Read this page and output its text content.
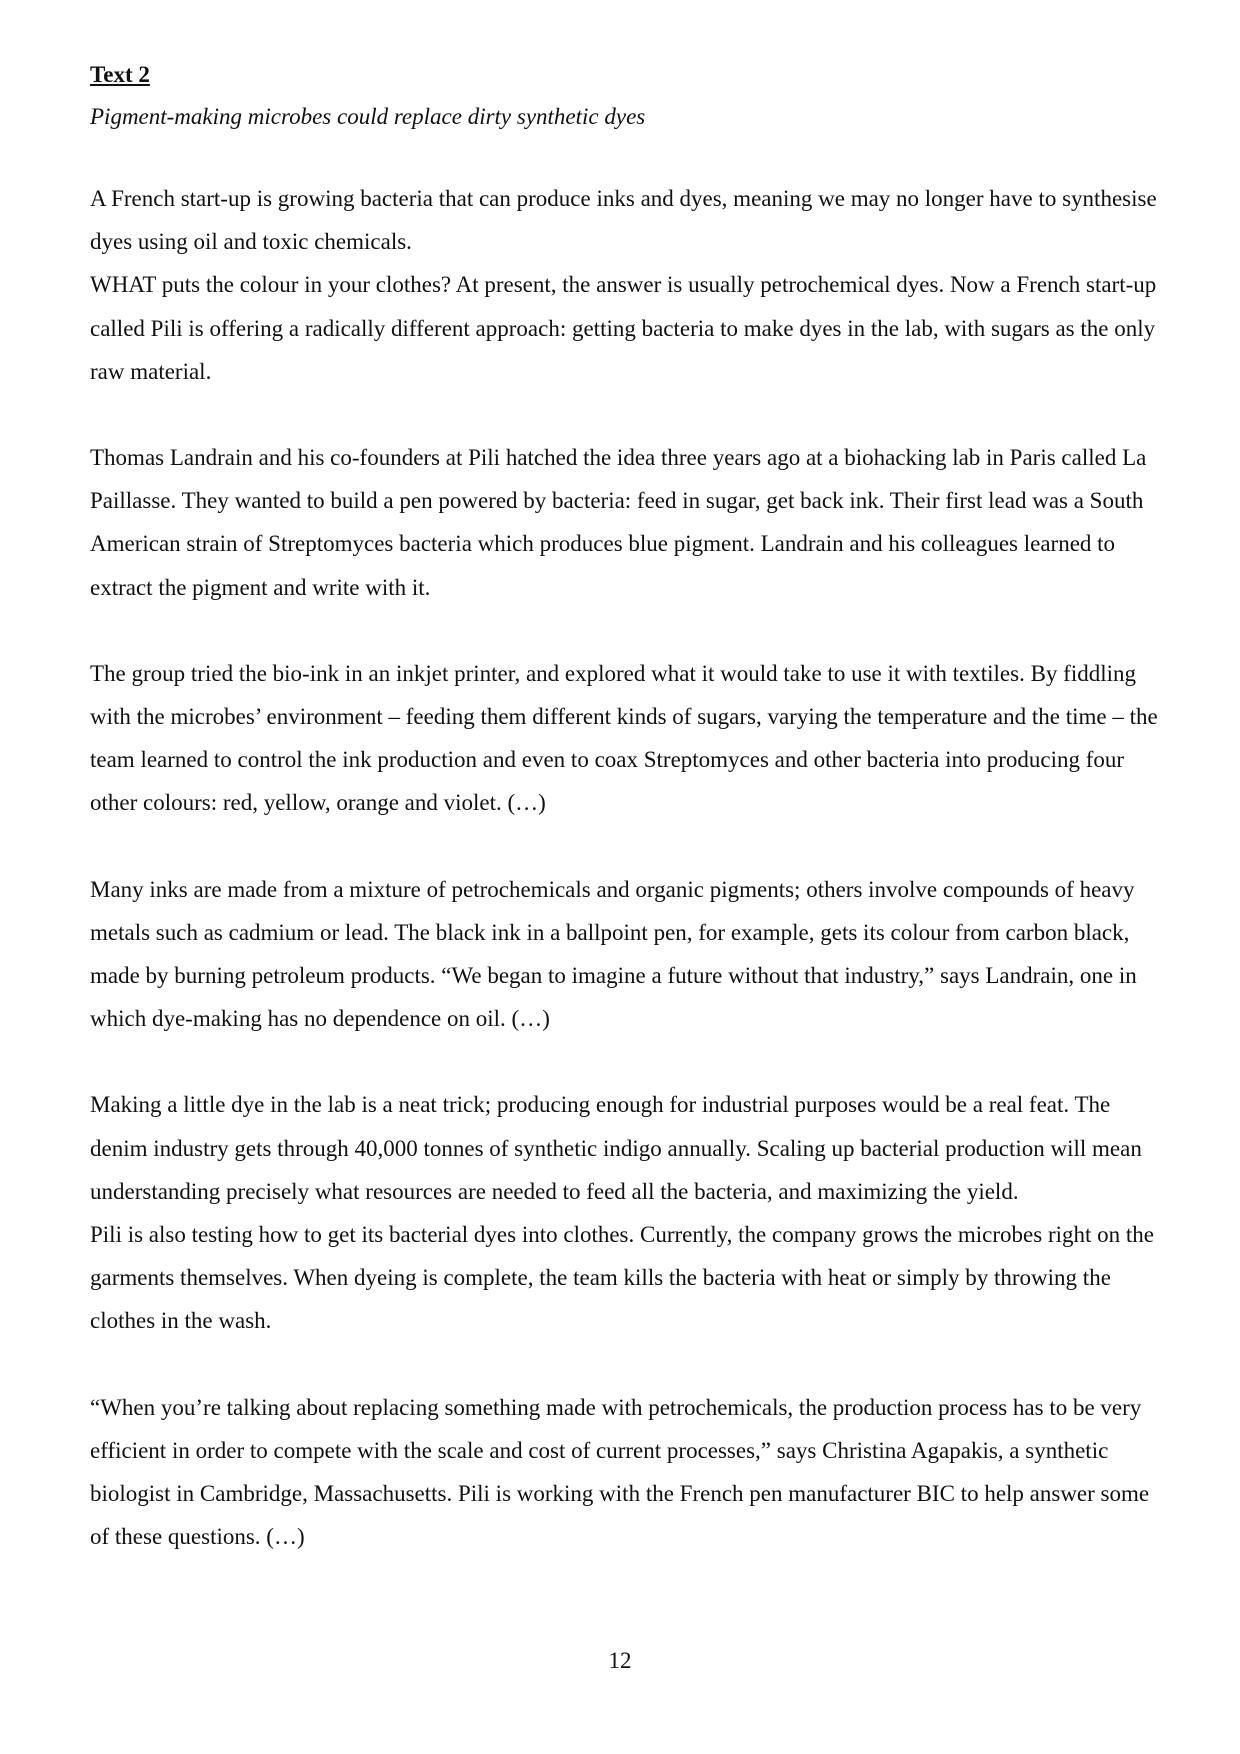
Text 2
Pigment-making microbes could replace dirty synthetic dyes

A French start-up is growing bacteria that can produce inks and dyes, meaning we may no longer have to synthesise dyes using oil and toxic chemicals.

WHAT puts the colour in your clothes? At present, the answer is usually petrochemical dyes. Now a French start-up called Pili is offering a radically different approach: getting bacteria to make dyes in the lab, with sugars as the only raw material.

Thomas Landrain and his co-founders at Pili hatched the idea three years ago at a biohacking lab in Paris called La Paillasse. They wanted to build a pen powered by bacteria: feed in sugar, get back ink. Their first lead was a South American strain of Streptomyces bacteria which produces blue pigment. Landrain and his colleagues learned to extract the pigment and write with it.

The group tried the bio-ink in an inkjet printer, and explored what it would take to use it with textiles. By fiddling with the microbes’ environment – feeding them different kinds of sugars, varying the temperature and the time – the team learned to control the ink production and even to coax Streptomyces and other bacteria into producing four other colours: red, yellow, orange and violet. (…)

Many inks are made from a mixture of petrochemicals and organic pigments; others involve compounds of heavy metals such as cadmium or lead. The black ink in a ballpoint pen, for example, gets its colour from carbon black, made by burning petroleum products. “We began to imagine a future without that industry,” says Landrain, one in which dye-making has no dependence on oil. (…)

Making a little dye in the lab is a neat trick; producing enough for industrial purposes would be a real feat. The denim industry gets through 40,000 tonnes of synthetic indigo annually. Scaling up bacterial production will mean understanding precisely what resources are needed to feed all the bacteria, and maximizing the yield.

Pili is also testing how to get its bacterial dyes into clothes. Currently, the company grows the microbes right on the garments themselves. When dyeing is complete, the team kills the bacteria with heat or simply by throwing the clothes in the wash.

“When you’re talking about replacing something made with petrochemicals, the production process has to be very efficient in order to compete with the scale and cost of current processes,” says Christina Agapakis, a synthetic biologist in Cambridge, Massachusetts. Pili is working with the French pen manufacturer BIC to help answer some of these questions. (…)

12
